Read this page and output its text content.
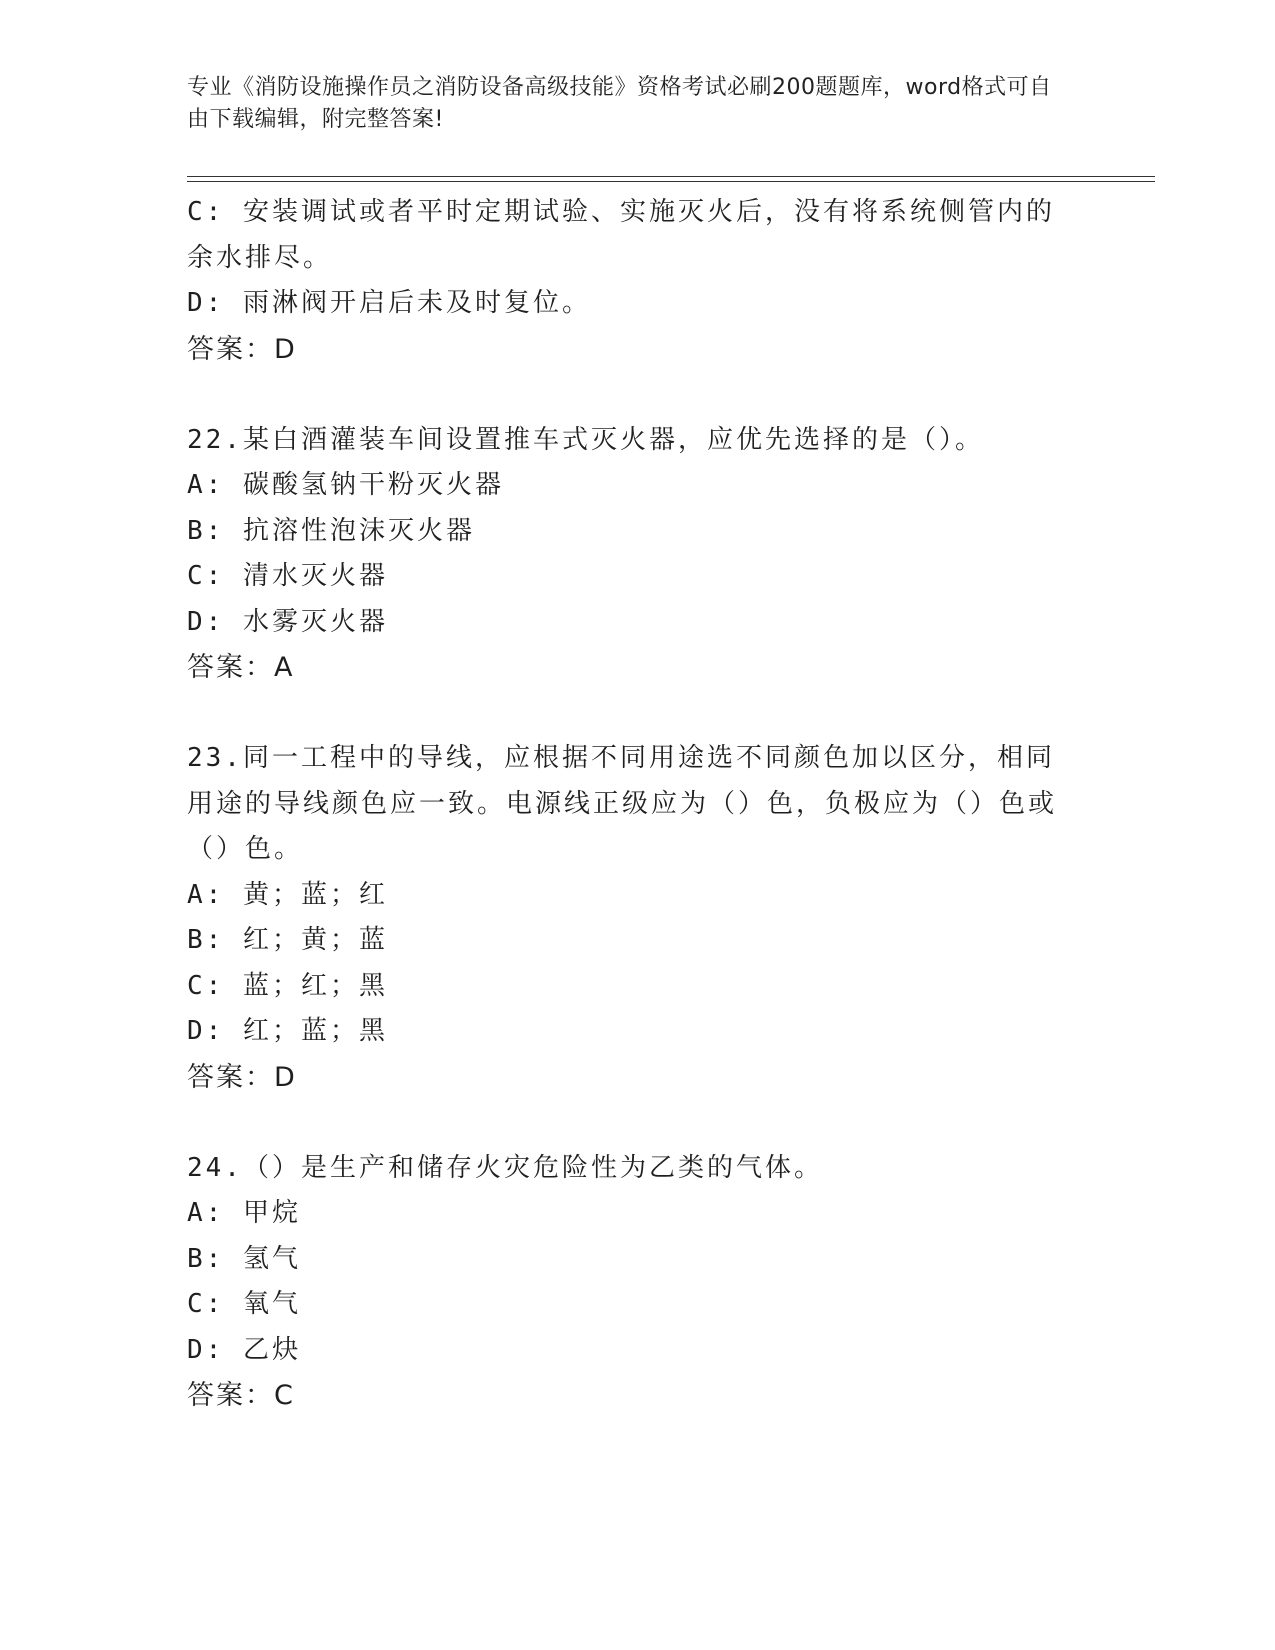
专业《消防设施操作员之消防设备高级技能》资格考试必刷200题题库，word格式可自由下载编辑，附完整答案!
C: 安装调试或者平时定期试验、实施灭火后，没有将系统侧管内的余水排尽。
D: 雨淋阀开启后未及时复位。
答案：D
22.某白酒灌装车间设置推车式灭火器，应优先选择的是（）。
A: 碳酸氢钠干粉灭火器
B: 抗溶性泡沫灭火器
C: 清水灭火器
D: 水雾灭火器
答案：A
23.同一工程中的导线，应根据不同用途选不同颜色加以区分，相同用途的导线颜色应一致。电源线正级应为（）色，负极应为（）色或（）色。
A: 黄；蓝；红
B: 红；黄；蓝
C: 蓝；红；黑
D: 红；蓝；黑
答案：D
24.（）是生产和储存火灾危险性为乙类的气体。
A: 甲烷
B: 氢气
C: 氧气
D: 乙炔
答案：C
